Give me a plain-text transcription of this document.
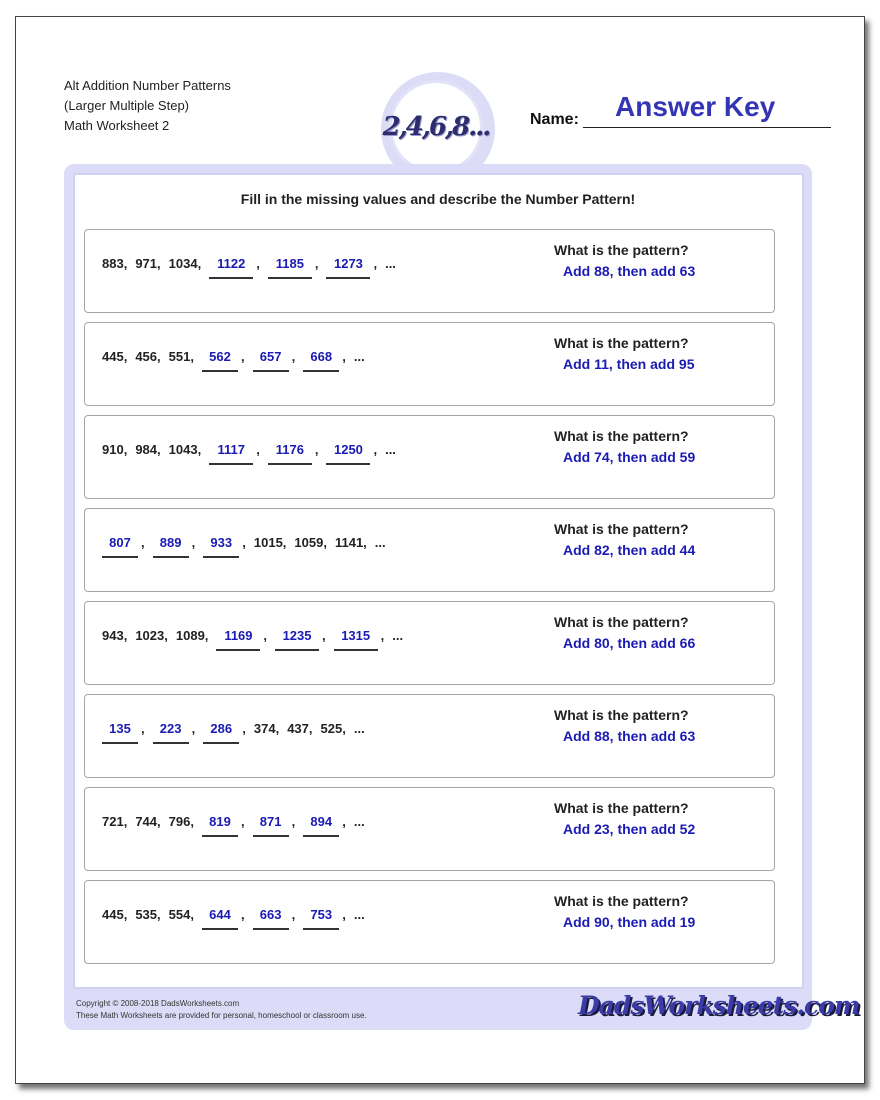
Alt Addition Number Patterns
(Larger Multiple Step)
Math Worksheet 2	2,4,6,8...	Name: Answer Key
Fill in the missing values and describe the Number Pattern!
883 , 971 , 1034 ,	1122 ,	1185 ,	1273 , ...
What is the pattern?
Add 88, then add 63
445 , 456 , 551 ,	562 ,	657 ,	668 , ...
What is the pattern?
Add 11, then add 95
910 , 984 , 1043 ,	1117 ,	1176 ,	1250 , ...
What is the pattern?
Add 74, then add 59
807 ,	889 ,	933 , 1015 , 1059 , 1141 , ...
What is the pattern?
Add 82, then add 44
943 , 1023 , 1089 ,	1169 ,	1235 ,	1315 , ...
What is the pattern?
Add 80, then add 66
135 ,	223 ,	286 , 374 , 437 , 525 , ...
What is the pattern?
Add 88, then add 63
721 , 744 , 796 ,	819 ,	871 ,	894 , ...
What is the pattern?
Add 23, then add 52
445 , 535 , 554 ,	644 ,	663 ,	753 , ...
What is the pattern?
Add 90, then add 19
Copyright © 2008-2018 DadsWorksheets.com
These Math Worksheets are provided for personal, homeschool or classroom use.	DadsWorksheets.com
